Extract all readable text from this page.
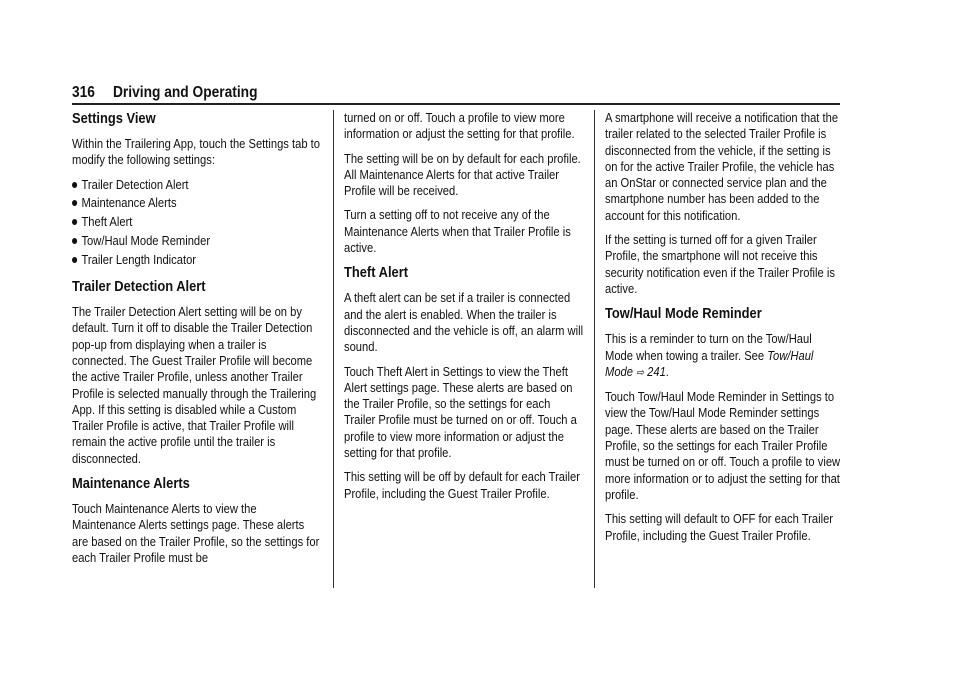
316 Driving and Operating
Settings View

Within the Trailering App, touch the Settings tab to modify the following settings:

Trailer Detection Alert
Maintenance Alerts
Theft Alert
Tow/Haul Mode Reminder
Trailer Length Indicator
Trailer Detection Alert

The Trailer Detection Alert setting will be on by default. Turn it off to disable the Trailer Detection pop-up from displaying when a trailer is connected. The Guest Trailer Profile will become the active Trailer Profile, unless another Trailer Profile is selected manually through the Trailering App. If this setting is disabled while a Custom Trailer Profile is active, that Trailer Profile will remain the active profile until the trailer is disconnected.

Maintenance Alerts

Touch Maintenance Alerts to view the Maintenance Alerts settings page. These alerts are based on the Trailer Profile, so the settings for each Trailer Profile must be

turned on or off. Touch a profile to view more information or adjust the setting for that profile.

The setting will be on by default for each profile. All Maintenance Alerts for that active Trailer Profile will be received.

Turn a setting off to not receive any of the Maintenance Alerts when that Trailer Profile is active.

Theft Alert

A theft alert can be set if a trailer is connected and the alert is enabled. When the trailer is disconnected and the vehicle is off, an alarm will sound.

Touch Theft Alert in Settings to view the Theft Alert settings page. These alerts are based on the Trailer Profile, so the settings for each Trailer Profile must be turned on or off. Touch a profile to view more information or adjust the setting for that profile.

This setting will be off by default for each Trailer Profile, including the Guest Trailer Profile.

A smartphone will receive a notification that the trailer related to the selected Trailer Profile is disconnected from the vehicle, if the setting is on for the active Trailer Profile, the vehicle has an OnStar or connected service plan and the smartphone number has been added to the account for this notification.

If the setting is turned off for a given Trailer Profile, the smartphone will not receive this security notification even if the Trailer Profile is active.

Tow/Haul Mode Reminder

This is a reminder to turn on the Tow/Haul Mode when towing a trailer. See Tow/Haul Mode ⇨ 241.

Touch Tow/Haul Mode Reminder in Settings to view the Tow/Haul Mode Reminder settings page. These alerts are based on the Trailer Profile, so the settings for each Trailer Profile must be turned on or off. Touch a profile to view more information or to adjust the setting for that profile.

This setting will default to OFF for each Trailer Profile, including the Guest Trailer Profile.
